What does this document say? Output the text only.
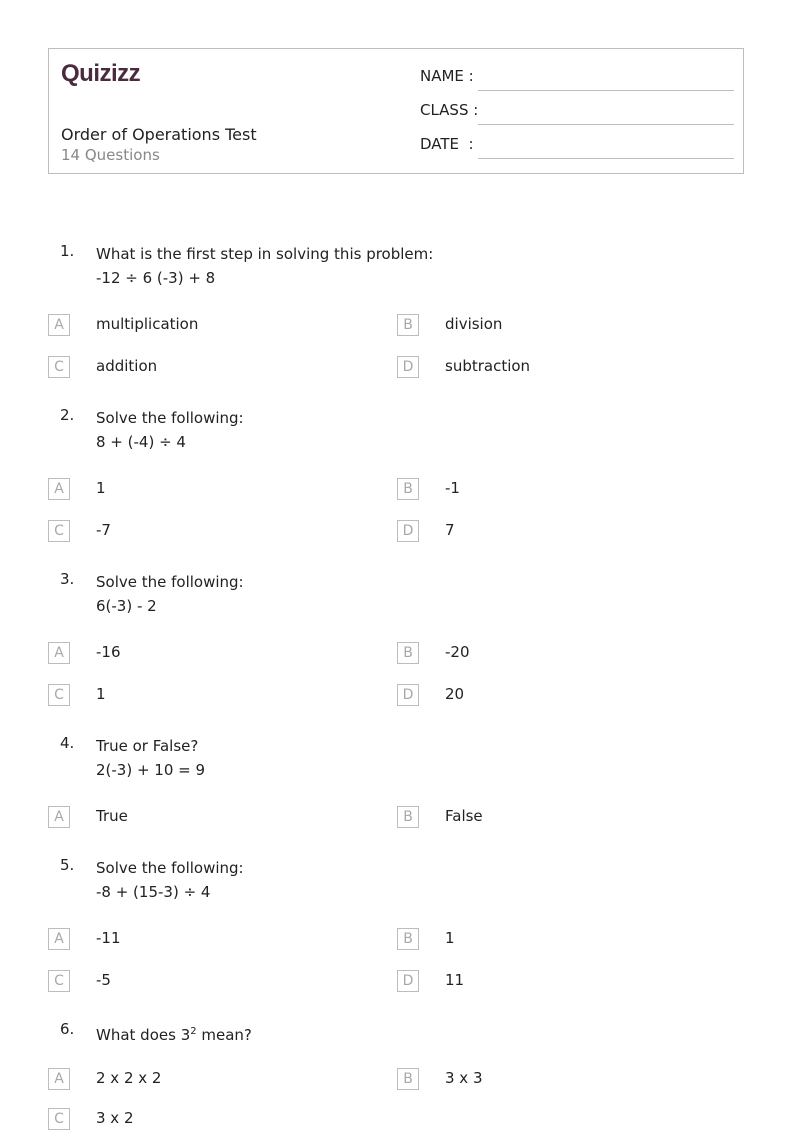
Quizizz
Order of Operations Test
14 Questions
NAME :
CLASS :
DATE  :
1. What is the first step in solving this problem:
-12 ÷ 6 (-3) + 8
A	multiplication	B	division
C	addition	D	subtraction
2. Solve the following:
8 + (-4) ÷ 4
A	1	B	-1
C	-7	D	7
3. Solve the following:
6(-3) - 2
A	-16	B	-20
C	1	D	20
4. True or False?
2(-3) + 10 = 9
A	True	B	False
5. Solve the following:
-8 + (15-3) ÷ 4
A	-11	B	1
C	-5	D	11
6. What does $3^2$ mean?
A	2 x 2 x 2	B	3 x 3
C	3 x 2
